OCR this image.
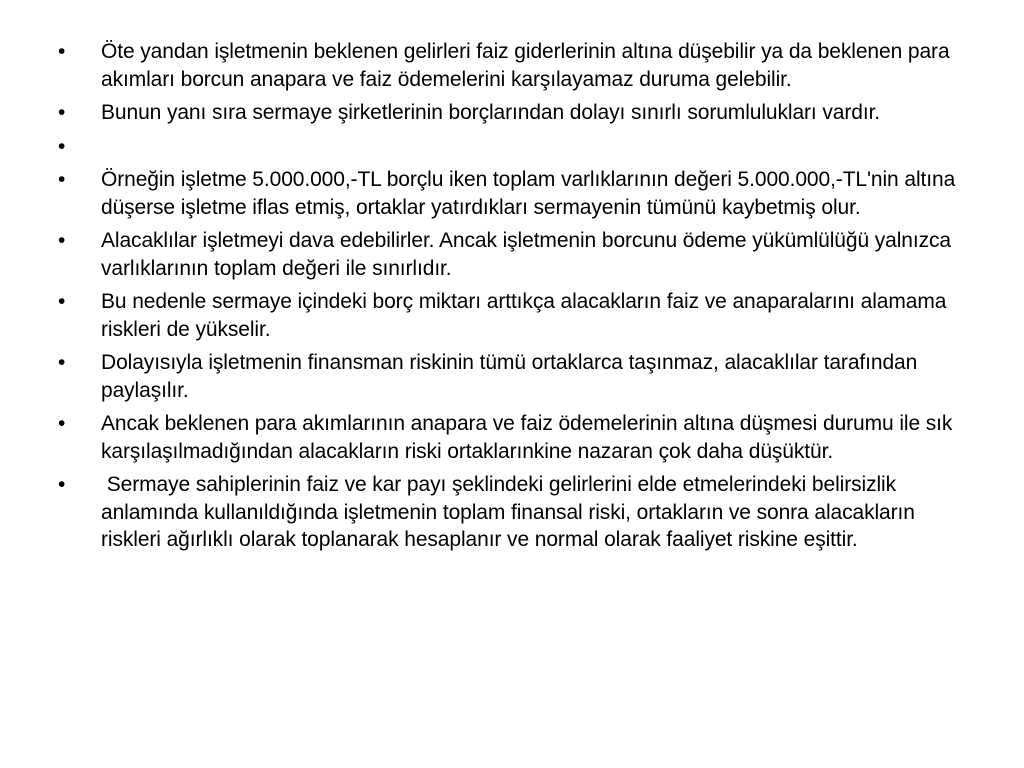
• Öte yandan işletmenin beklenen gelirleri faiz giderlerinin altına düşebilir ya da beklenen para akımları borcun anapara ve faiz ödemelerini karşılayamaz duruma gelebilir.
• Bunun yanı sıra sermaye şirketlerinin borçlarından dolayı sınırlı sorumlulukları vardır.
•
• Örneğin işletme 5.000.000,-TL borçlu iken toplam varlıklarının değeri 5.000.000,-TL'nin altına düşerse işletme iflas etmiş, ortaklar yatırdıkları sermayenin tümünü kaybetmiş olur.
• Alacaklılar işletmeyi dava edebilirler. Ancak işletmenin borcunu ödeme yükümlülüğü yalnızca varlıklarının toplam değeri ile sınırlıdır.
• Bu nedenle sermaye içindeki borç miktarı arttıkça alacakların faiz ve anaparalarını alamama riskleri de yükselir.
• Dolayısıyla işletmenin finansman riskinin tümü ortaklarca taşınmaz, alacaklılar tarafından paylaşılır.
• Ancak beklenen para akımlarının anapara ve faiz ödemelerinin altına düşmesi durumu ile sık karşılaşılmadığından alacakların riski ortaklarınkine nazaran çok daha düşüktür.
• Sermaye sahiplerinin faiz ve kar payı şeklindeki gelirlerini elde etmelerindeki belirsizlik anlamında kullanıldığında işletmenin toplam finansal riski, ortakların ve sonra alacakların riskleri ağırlıklı olarak toplanarak hesaplanır ve normal olarak faaliyet riskine eşittir.
